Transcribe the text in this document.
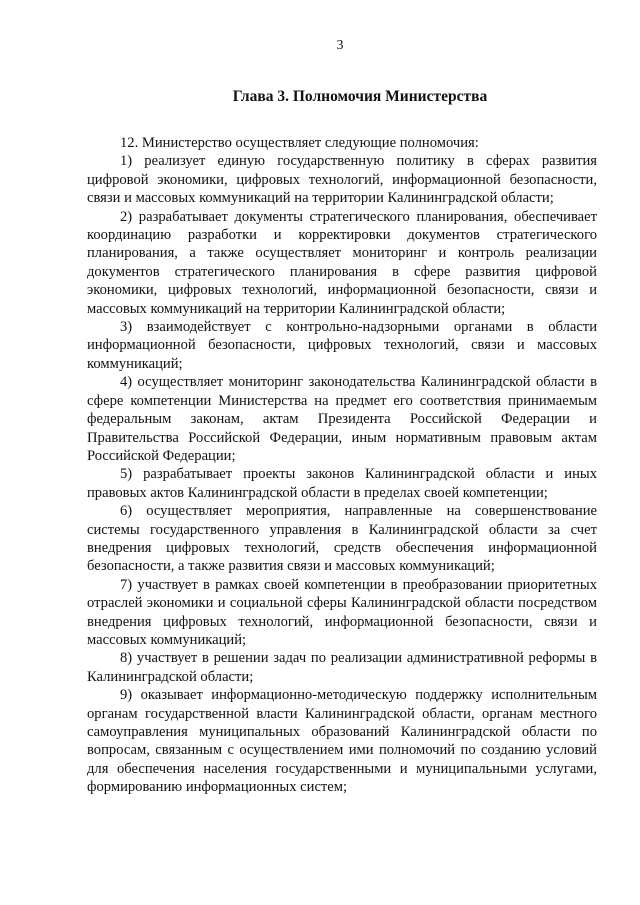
3
Глава 3. Полномочия Министерства

12. Министерство осуществляет следующие полномочия:

1) реализует единую государственную политику в сферах развития цифровой экономики, цифровых технологий, информационной безопасности, связи и массовых коммуникаций на территории Калининградской области;

2) разрабатывает документы стратегического планирования, обеспечивает координацию разработки и корректировки документов стратегического планирования, а также осуществляет мониторинг и контроль реализации документов стратегического планирования в сфере развития цифровой экономики, цифровых технологий, информационной безопасности, связи и массовых коммуникаций на территории Калининградской области;

3) взаимодействует с контрольно-надзорными органами в области информационной безопасности, цифровых технологий, связи и массовых коммуникаций;

4) осуществляет мониторинг законодательства Калининградской области в сфере компетенции Министерства на предмет его соответствия принимаемым федеральным законам, актам Президента Российской Федерации и Правительства Российской Федерации, иным нормативным правовым актам Российской Федерации;

5) разрабатывает проекты законов Калининградской области и иных правовых актов Калининградской области в пределах своей компетенции;

6) осуществляет мероприятия, направленные на совершенствование системы государственного управления в Калининградской области за счет внедрения цифровых технологий, средств обеспечения информационной безопасности, а также развития связи и массовых коммуникаций;

7) участвует в рамках своей компетенции в преобразовании приоритетных отраслей экономики и социальной сферы Калининградской области посредством внедрения цифровых технологий, информационной безопасности, связи и массовых коммуникаций;

8) участвует в решении задач по реализации административной реформы в Калининградской области;

9) оказывает информационно-методическую поддержку исполнительным органам государственной власти Калининградской области, органам местного самоуправления муниципальных образований Калининградской области по вопросам, связанным с осуществлением ими полномочий по созданию условий для обеспечения населения государственными и муниципальными услугами, формированию информационных систем;
